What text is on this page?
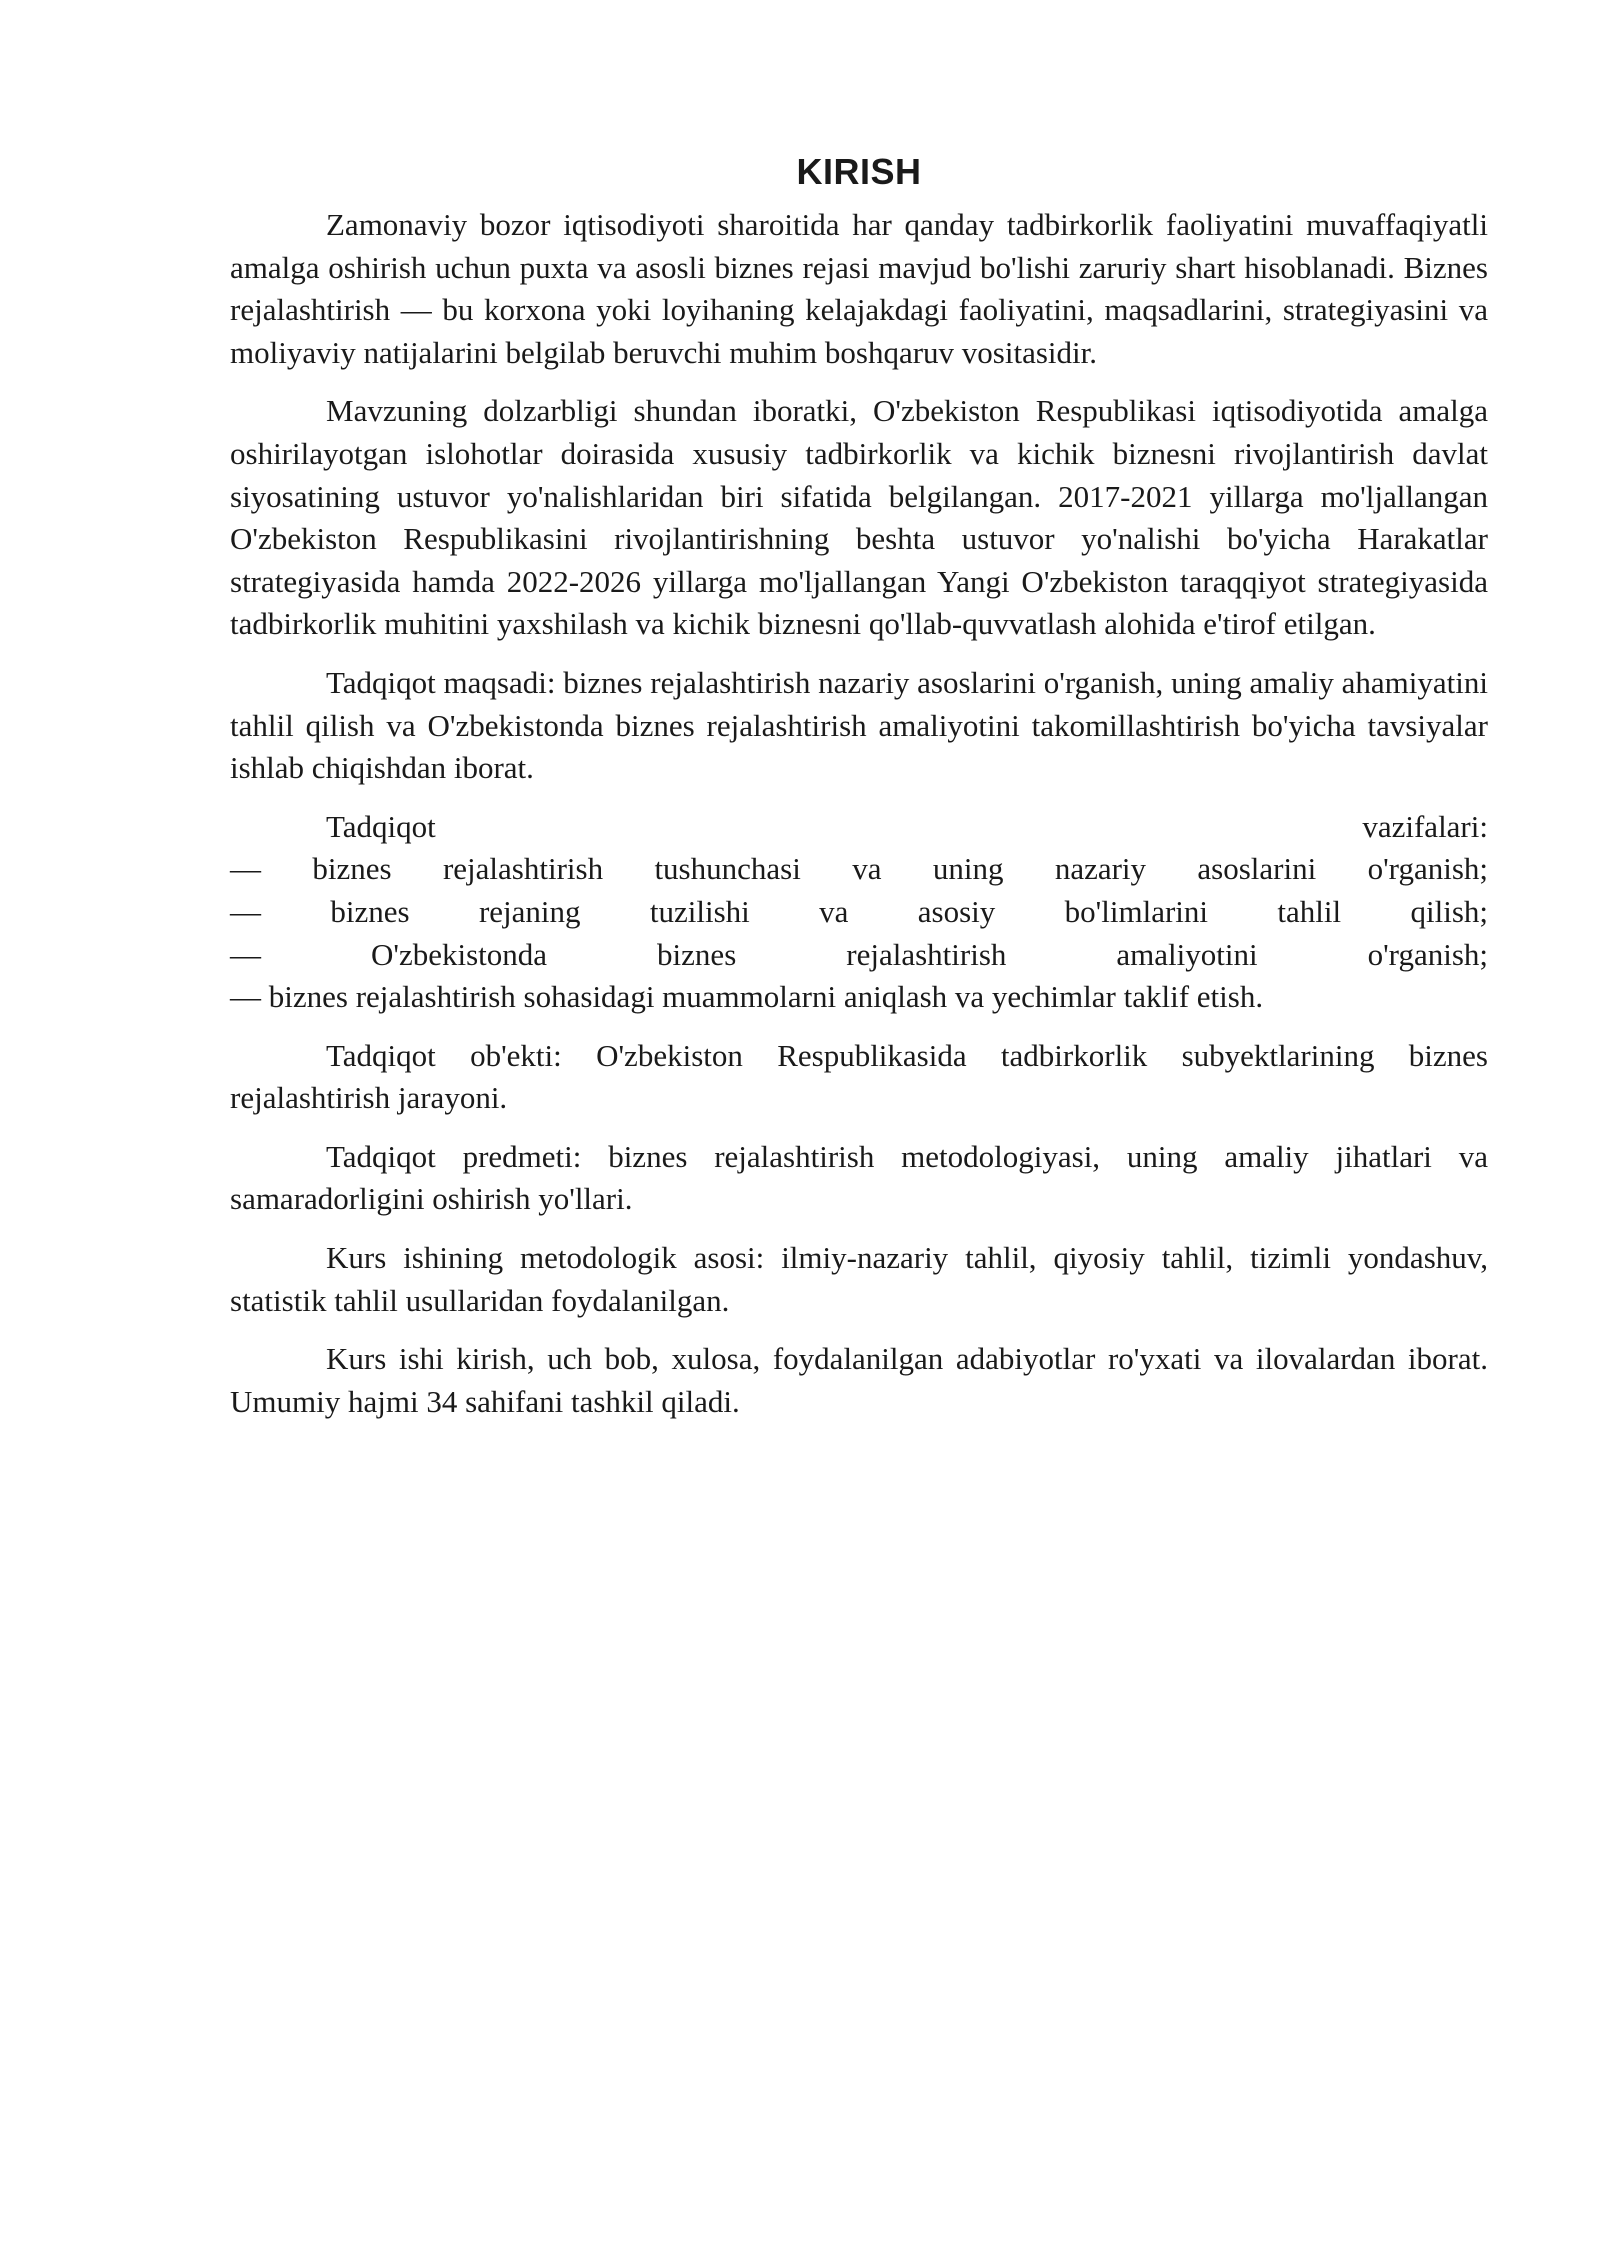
KIRISH

Zamonaviy bozor iqtisodiyoti sharoitida har qanday tadbirkorlik faoliyatini muvaffaqiyatli amalga oshirish uchun puxta va asosli biznes rejasi mavjud bo'lishi zaruriy shart hisoblanadi. Biznes rejalashtirish — bu korxona yoki loyihaning kelajakdagi faoliyatini, maqsadlarini, strategiyasini va moliyaviy natijalarini belgilab beruvchi muhim boshqaruv vositasidir.

Mavzuning dolzarbligi shundan iboratki, O'zbekiston Respublikasi iqtisodiyotida amalga oshirilayotgan islohotlar doirasida xususiy tadbirkorlik va kichik biznesni rivojlantirish davlat siyosatining ustuvor yo'nalishlaridan biri sifatida belgilangan. 2017-2021 yillarga mo'ljallangan O'zbekiston Respublikasini rivojlantirishning beshta ustuvor yo'nalishi bo'yicha Harakatlar strategiyasida hamda 2022-2026 yillarga mo'ljallangan Yangi O'zbekiston taraqqiyot strategiyasida tadbirkorlik muhitini yaxshilash va kichik biznesni qo'llab-quvvatlash alohida e'tirof etilgan.

Tadqiqot maqsadi: biznes rejalashtirish nazariy asoslarini o'rganish, uning amaliy ahamiyatini tahlil qilish va O'zbekistonda biznes rejalashtirish amaliyotini takomillashtirish bo'yicha tavsiyalar ishlab chiqishdan iborat.

Tadqiqot vazifalari:
— biznes rejalashtirish tushunchasi va uning nazariy asoslarini o'rganish;
— biznes rejaning tuzilishi va asosiy bo'limlarini tahlil qilish;
— O'zbekistonda biznes rejalashtirish amaliyotini o'rganish;
— biznes rejalashtirish sohasidagi muammolarni aniqlash va yechimlar taklif etish.

Tadqiqot ob'ekti: O'zbekiston Respublikasida tadbirkorlik subyektlarining biznes rejalashtirish jarayoni.

Tadqiqot predmeti: biznes rejalashtirish metodologiyasi, uning amaliy jihatlari va samaradorligini oshirish yo'llari.

Kurs ishining metodologik asosi: ilmiy-nazariy tahlil, qiyosiy tahlil, tizimli yondashuv, statistik tahlil usullaridan foydalanilgan.

Kurs ishi kirish, uch bob, xulosa, foydalanilgan adabiyotlar ro'yxati va ilovalardan iborat. Umumiy hajmi 34 sahifani tashkil qiladi.
